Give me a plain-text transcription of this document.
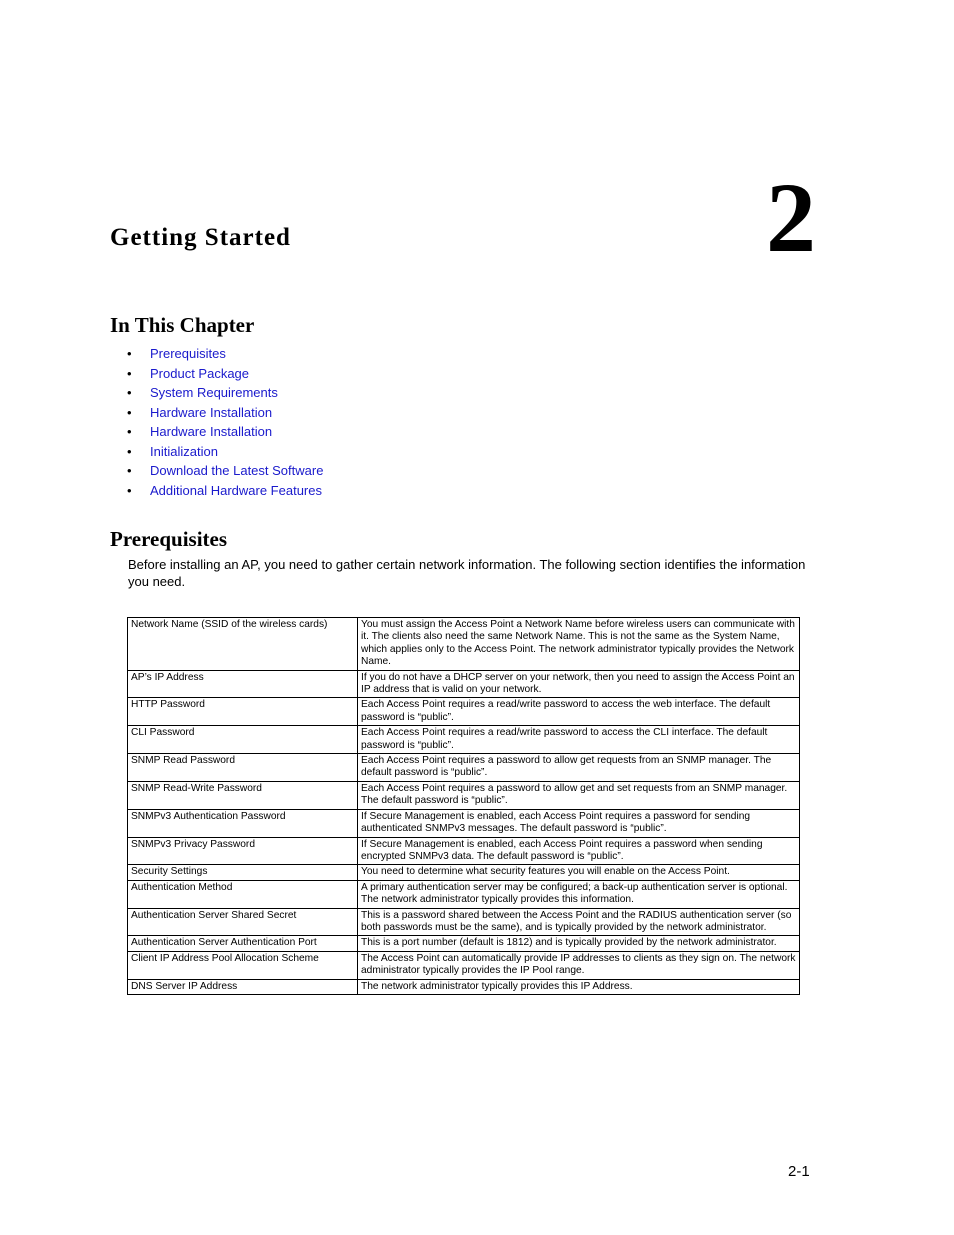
2
Getting Started
In This Chapter
• Prerequisites
• Product Package
• System Requirements
• Hardware Installation
• Hardware Installation
• Initialization
• Download the Latest Software
• Additional Hardware Features
Prerequisites

Before installing an AP, you need to gather certain network information. The following section identifies the information you need.

Network Name (SSID of the wireless cards)	You must assign the Access Point a Network Name before wireless users can communicate with it. The clients also need the same Network Name. This is not the same as the System Name, which applies only to the Access Point. The network administrator typically provides the Network Name.
AP’s IP Address	If you do not have a DHCP server on your network, then you need to assign the Access Point an IP address that is valid on your network.
HTTP Password	Each Access Point requires a read/write password to access the web interface. The default password is “public”.
CLI Password	Each Access Point requires a read/write password to access the CLI interface. The default password is “public”.
SNMP Read Password	Each Access Point requires a password to allow get requests from an SNMP manager. The default password is “public”.
SNMP Read-Write Password	Each Access Point requires a password to allow get and set requests from an SNMP manager. The default password is “public”.
SNMPv3 Authentication Password	If Secure Management is enabled, each Access Point requires a password for sending authenticated SNMPv3 messages. The default password is “public”.
SNMPv3 Privacy Password	If Secure Management is enabled, each Access Point requires a password when sending encrypted SNMPv3 data. The default password is “public”.
Security Settings	You need to determine what security features you will enable on the Access Point.
Authentication Method	A primary authentication server may be configured; a back-up authentication server is optional. The network administrator typically provides this information.
Authentication Server Shared Secret	This is a password shared between the Access Point and the RADIUS authentication server (so both passwords must be the same), and is typically provided by the network administrator.
Authentication Server Authentication Port	This is a port number (default is 1812) and is typically provided by the network administrator.
Client IP Address Pool Allocation Scheme	The Access Point can automatically provide IP addresses to clients as they sign on. The network administrator typically provides the IP Pool range.
DNS Server IP Address	The network administrator typically provides this IP Address.
2-1
